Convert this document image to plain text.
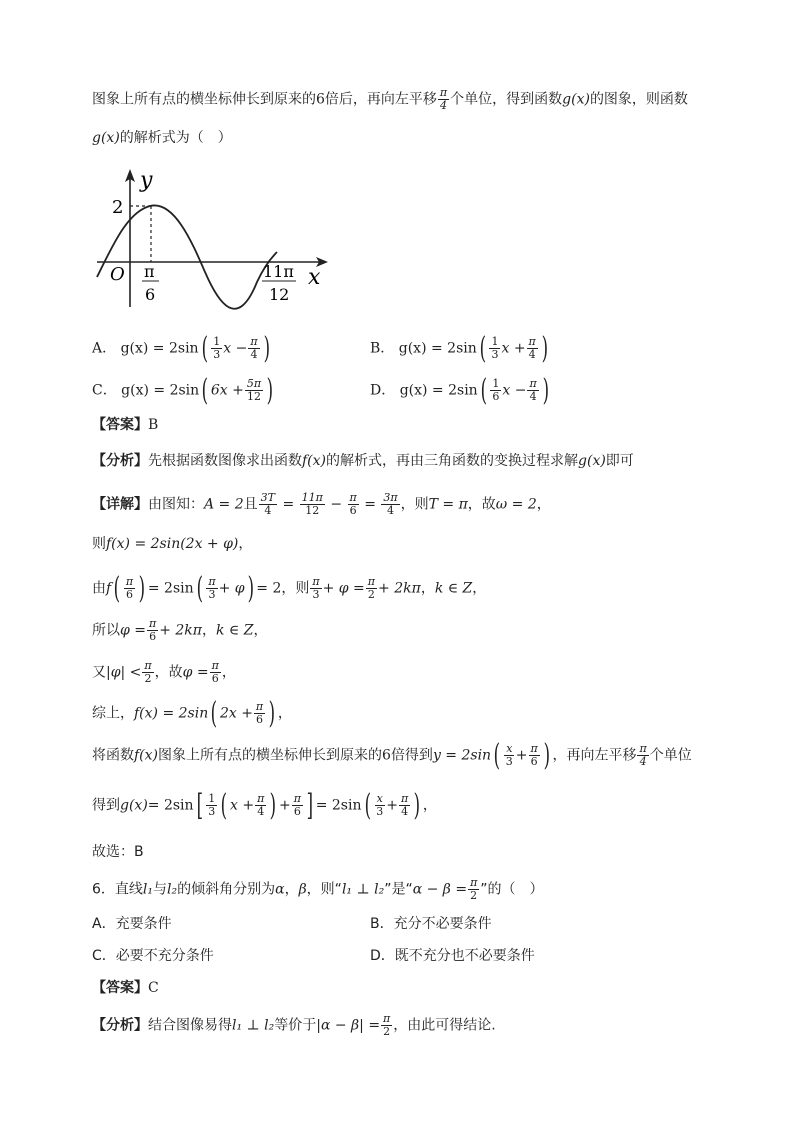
图象上所有点的横坐标伸长到原来的6倍后，再向左平移 $\frac{\pi}{4}$ 个单位，得到函数g(x)的图象，则函数
g(x)的解析式为（　）
y
x
O
2
π
6
11π
12
A． $g(x) = 2\sin( \frac{1}{3}$ $x - \frac{\pi}{4}$ )	B． $g(x) = 2\sin( \frac{1}{3}$ $x + \frac{\pi}{4}$ )
C． g(x) = 2sin( $6x + \frac{5\pi}{12}$ )	D． $g(x) = 2\sin( \frac{1}{6}$ $x - \frac{\pi}{4}$ )
【答案】B
【分析】先根据函数图像求出函数f(x)的解析式，再由三角函数的变换过程求解g(x)即可
【详解】由图知：A = 2且 $\frac{3T}{4} = \frac{11\pi}{12} - \frac{\pi}{6} = \frac{3\pi}{4}$ ，则T = π，故ω = 2，
则f(x) = 2sin(2x + φ)，
由$f( \frac{\pi}{6}$ ) = $2\sin( \frac{\pi}{3} + \varphi) = 2$，则 $\frac{\pi}{3} + \varphi = \frac{\pi}{2} + 2k\pi$，k ∈ Z，
所以$\varphi = \frac{\pi}{6} + 2k\pi$，k ∈ Z，
又$|\varphi| < \frac{\pi}{2}$ ，故$\varphi = \frac{\pi}{6}$ ，
综上，f(x) = 2sin( $2x + \frac{\pi}{6}$ ) ，
将函数f(x)图象上所有点的横坐标伸长到原来的6倍得到$y = 2\sin( \frac{x}{3} + \frac{\pi}{6}$ ) ，再向左平移 $\frac{\pi}{4}$ 个单位
得到$g(x)= 2\sin[ \frac{1}{3}$ ( $x + \frac{\pi}{4}$ ) + $\frac{\pi}{6}$ ] = $2\sin( \frac{x}{3} + \frac{\pi}{4}$ ) ，
故选：B
6．直线l₁与l₂的倾斜角分别为α，β，则“l₁ ⊥ l₂”是“$\alpha - \beta = \frac{\pi}{2}$ ”的（　）
A．充要条件	B．充分不必要条件
C．必要不充分条件	D．既不充分也不必要条件
【答案】C
【分析】结合图像易得l₁ ⊥ l₂等价于$|\alpha - \beta| = \frac{\pi}{2}$ ，由此可得结论.
